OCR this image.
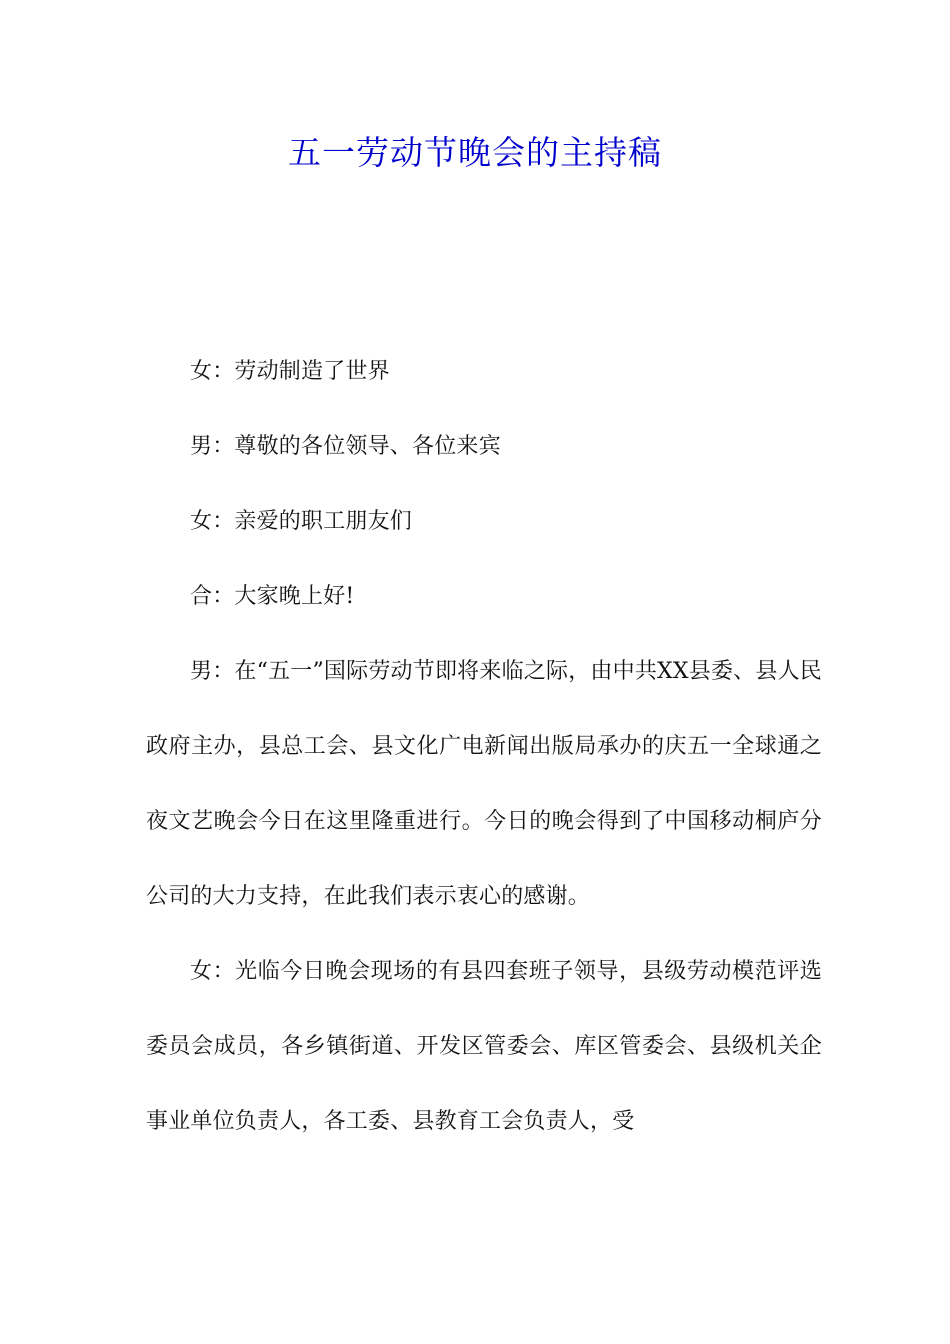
五一劳动节晚会的主持稿

女：劳动制造了世界

男：尊敬的各位领导、各位来宾

女：亲爱的职工朋友们

合：大家晚上好!

男：在“五一”国际劳动节即将来临之际，由中共XX县委、县人民政府主办，县总工会、县文化广电新闻出版局承办的庆五一全球通之夜文艺晚会今日在这里隆重进行。今日的晚会得到了中国移动桐庐分公司的大力支持，在此我们表示衷心的感谢。

女：光临今日晚会现场的有县四套班子领导，县级劳动模范评选委员会成员，各乡镇街道、开发区管委会、库区管委会、县级机关企事业单位负责人，各工委、县教育工会负责人，受
